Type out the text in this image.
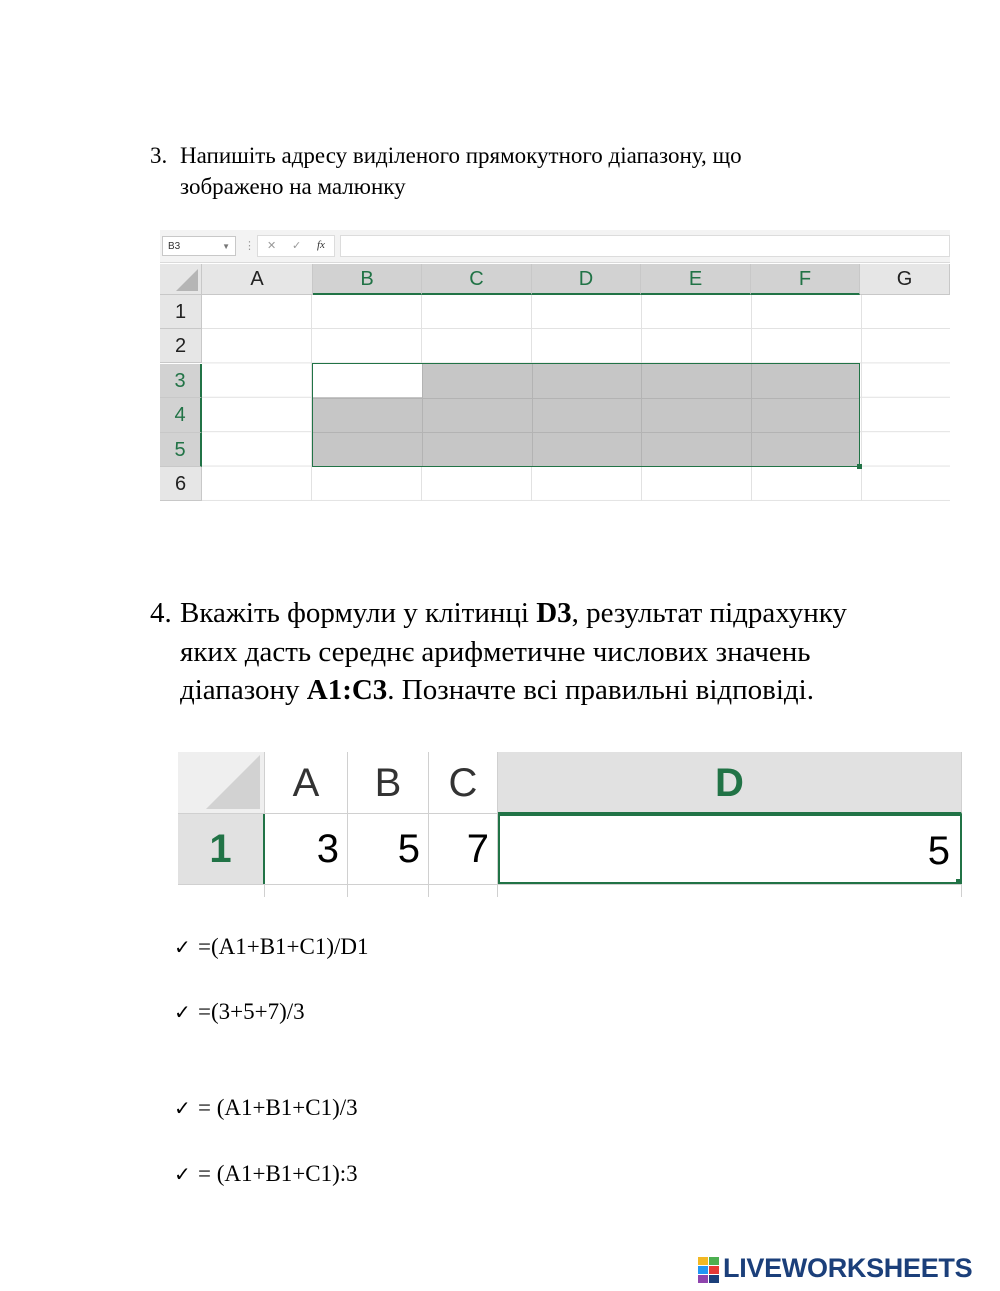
3. Напишіть адресу виділеного прямокутного діапазону, що
зображено на малюнку
B3	▼ ⋮ ✕ ✓ fx
A	B	C	D	E	F	G
1
2
3
4
5
6
4. Вкажіть формули у клітинці D3, результат підрахунку яких дасть середнє арифметичне числових значень діапазону A1:C3. Позначте всі правильні відповіді.
A	B	C	D
1	3	5	7	5
✓ =(A1+B1+C1)/D1
✓ =(3+5+7)/3
✓ = (A1+B1+C1)/3
✓ = (A1+B1+C1):3
LIVEWORKSHEETS
